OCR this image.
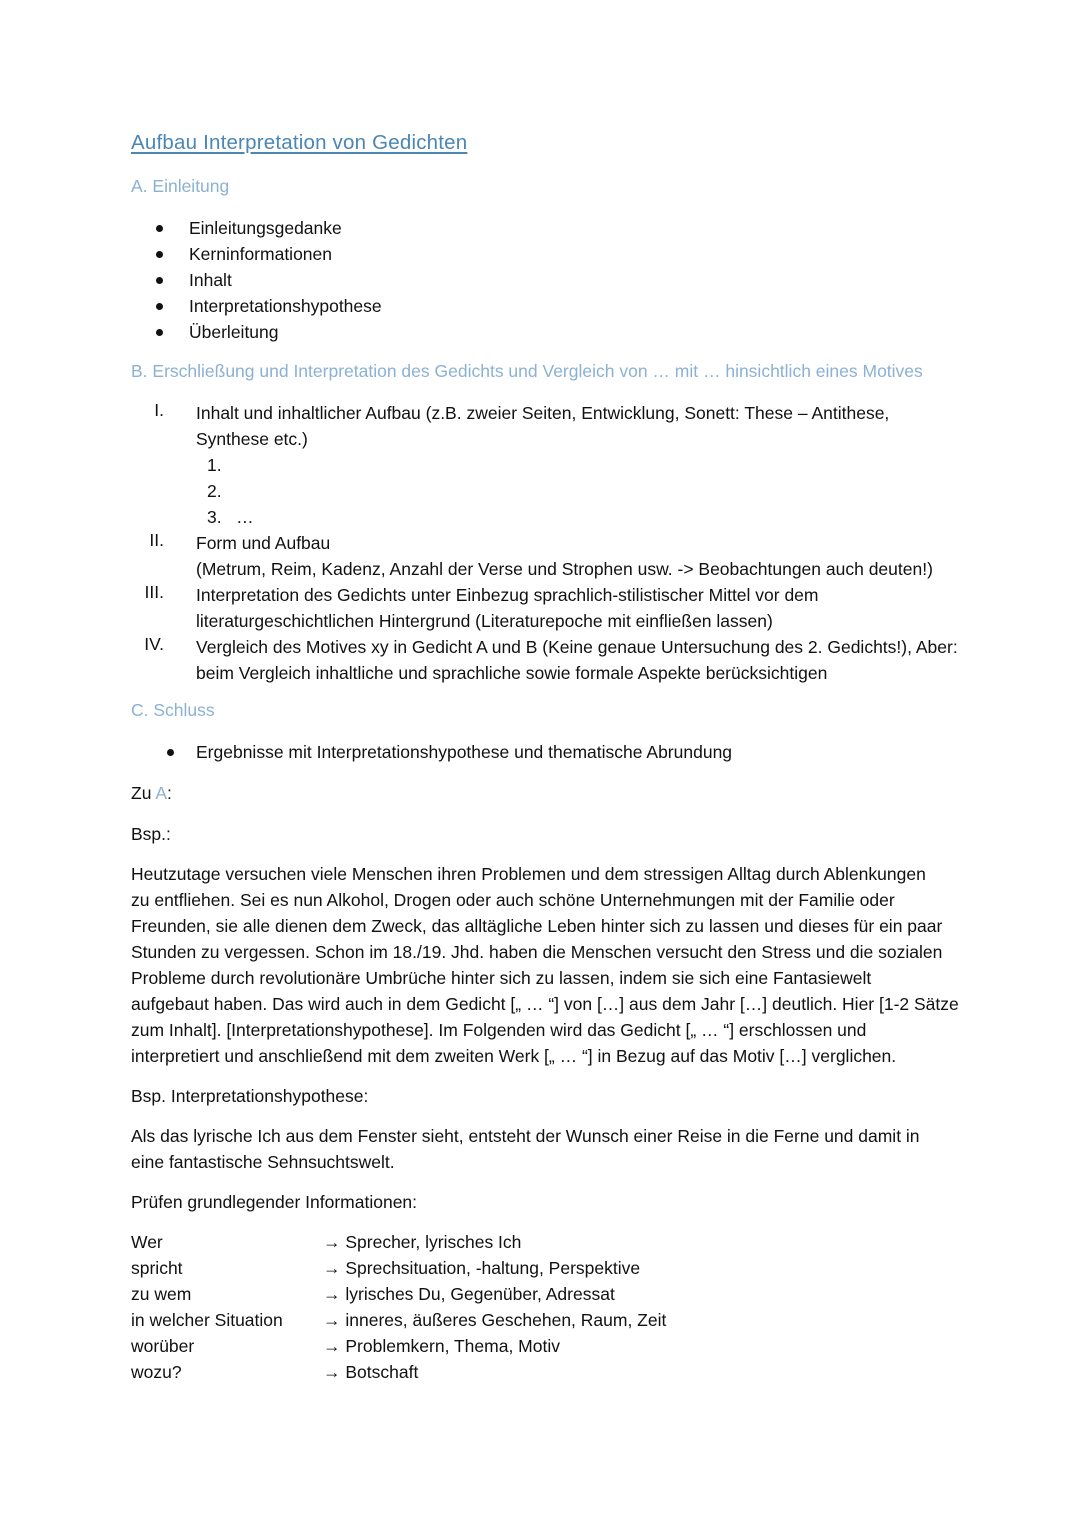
Aufbau Interpretation von Gedichten
A. Einleitung
Einleitungsgedanke
Kerninformationen
Inhalt
Interpretationshypothese
Überleitung
B. Erschließung und Interpretation des Gedichts und Vergleich von … mit … hinsichtlich eines Motives
I. Inhalt und inhaltlicher Aufbau (z.B. zweier Seiten, Entwicklung, Sonett: These – Antithese,
Synthese etc.)
1.
2.
3.   …
II. Form und Aufbau
(Metrum, Reim, Kadenz, Anzahl der Verse und Strophen usw. -> Beobachtungen auch deuten!)
III. Interpretation des Gedichts unter Einbezug sprachlich-stilistischer Mittel vor dem
literaturgeschichtlichen Hintergrund (Literaturepoche mit einfließen lassen)
IV. Vergleich des Motives xy in Gedicht A und B (Keine genaue Untersuchung des 2. Gedichts!), Aber:
beim Vergleich inhaltliche und sprachliche sowie formale Aspekte berücksichtigen
C. Schluss
Ergebnisse mit Interpretationshypothese und thematische Abrundung
Zu A:
Bsp.:
Heutzutage versuchen viele Menschen ihren Problemen und dem stressigen Alltag durch Ablenkungen
zu entfliehen. Sei es nun Alkohol, Drogen oder auch schöne Unternehmungen mit der Familie oder
Freunden, sie alle dienen dem Zweck, das alltägliche Leben hinter sich zu lassen und dieses für ein paar
Stunden zu vergessen. Schon im 18./19. Jhd. haben die Menschen versucht den Stress und die sozialen
Probleme durch revolutionäre Umbrüche hinter sich zu lassen, indem sie sich eine Fantasiewelt
aufgebaut haben. Das wird auch in dem Gedicht [„ … “] von […] aus dem Jahr […] deutlich. Hier [1-2 Sätze
zum Inhalt]. [Interpretationshypothese]. Im Folgenden wird das Gedicht [„ … “] erschlossen und
interpretiert und anschließend mit dem zweiten Werk [„ … “] in Bezug auf das Motiv […] verglichen.
Bsp. Interpretationshypothese:
Als das lyrische Ich aus dem Fenster sieht, entsteht der Wunsch einer Reise in die Ferne und damit in
eine fantastische Sehnsuchtswelt.
Prüfen grundlegender Informationen:
Wer	→ Sprecher, lyrisches Ich
spricht	→ Sprechsituation, -haltung, Perspektive
zu wem	→ lyrisches Du, Gegenüber, Adressat
in welcher Situation → inneres, äußeres Geschehen, Raum, Zeit
worüber	→ Problemkern, Thema, Motiv
wozu?	→ Botschaft
